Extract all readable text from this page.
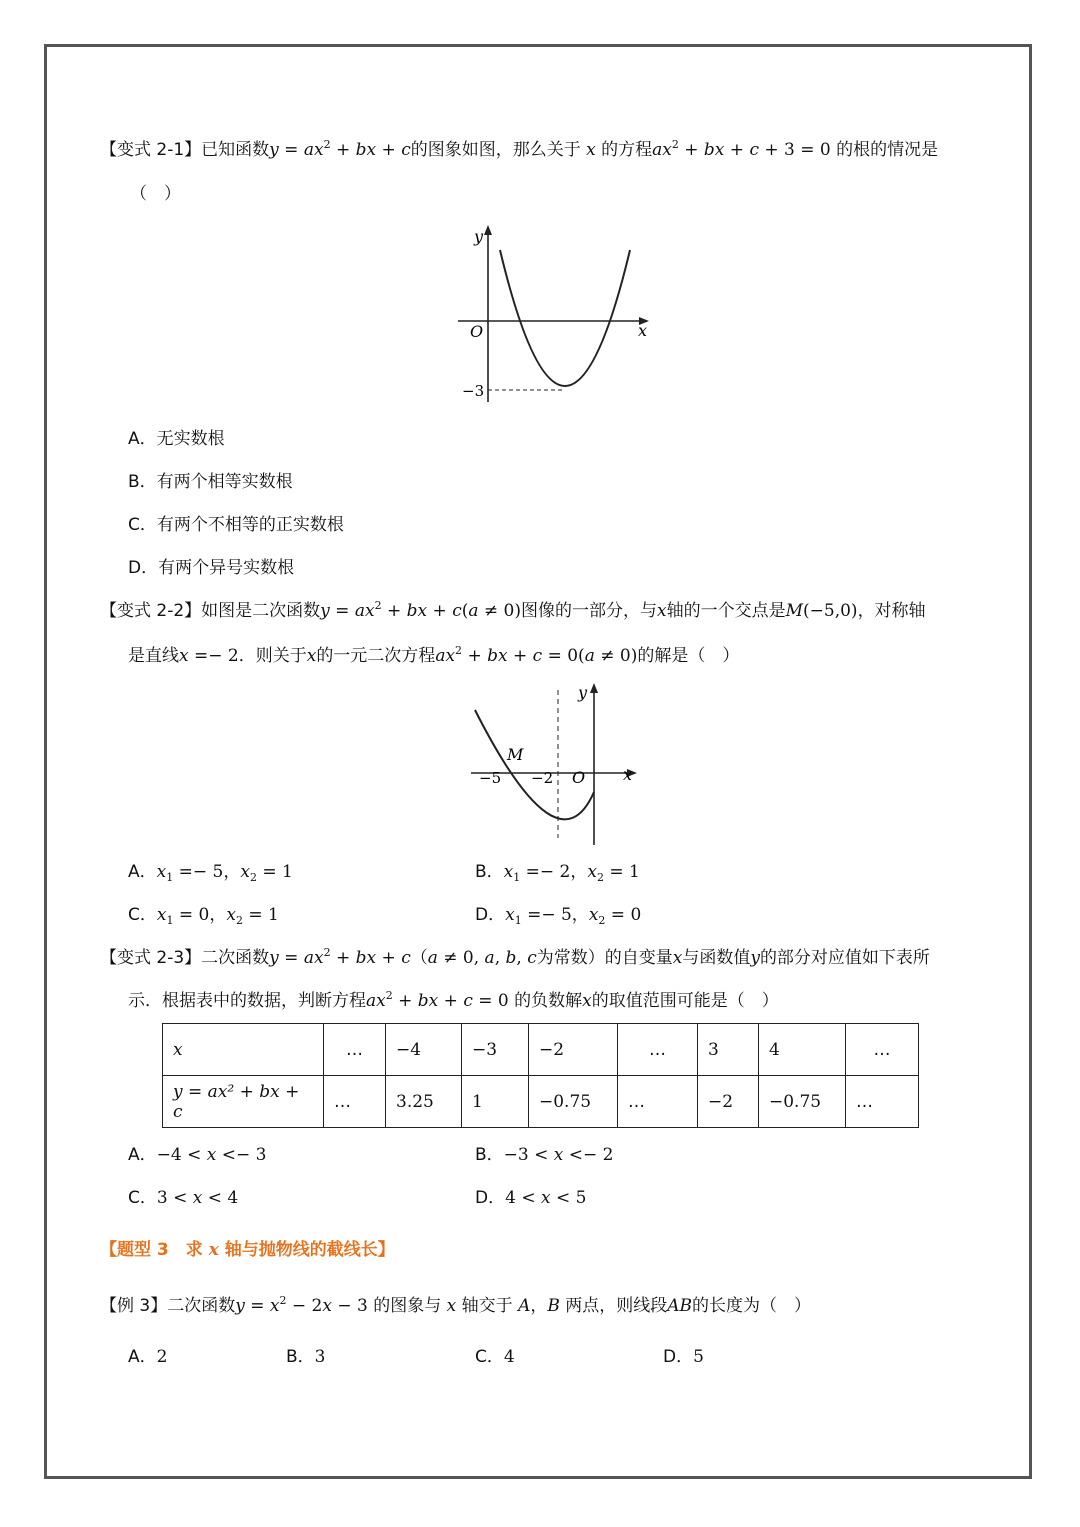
【变式 2-1】已知函数$y = ax^2$ + bx + c的图象如图，那么关于 x 的方程$ax^2$ + bx + c + 3 = 0 的根的情况是
（　）
y
x
O
−3
A．无实数根
B．有两个相等实数根
C．有两个不相等的正实数根
D．有两个异号实数根
【变式 2-2】如图是二次函数$y = ax^2$ + bx + c(a ≠ 0)图像的一部分，与x轴的一个交点是M(−5,0)，对称轴
是直线x =− 2．则关于x的一元二次方程$ax^2$ + bx + c = 0(a ≠ 0)的解是（　）
y
x
O
M
−5 −2
A．$x_1 =- 5$，$x_2 = 1$	B．$x_1 =- 2$，$x_2 = 1$
C．$x_1 = 0$，$x_2 = 1$	D．$x_1 =- 5$，$x_2 = 0$
【变式 2-3】二次函数$y = ax^2$ + bx + c（a ≠ 0, a, b, c为常数）的自变量x与函数值y的部分对应值如下表所
示．根据表中的数据，判断方程$ax^2$ + bx + c = 0 的负数解x的取值范围可能是（　）
x	…	−4	−3	−2	…	3	4	…
y = ax² + bx + c	…	3.25	1	−0.75	…	−2	−0.75	…
A．−4 < x <− 3	B．−3 < x <− 2
C．3 < x < 4	D．4 < x < 5
【题型 3　求 x 轴与抛物线的截线长】
【例 3】二次函数$y = x^2 - 2x - 3$ 的图象与 x 轴交于 A，B 两点，则线段AB的长度为（　）
A．2	B．3	C．4	D．5
